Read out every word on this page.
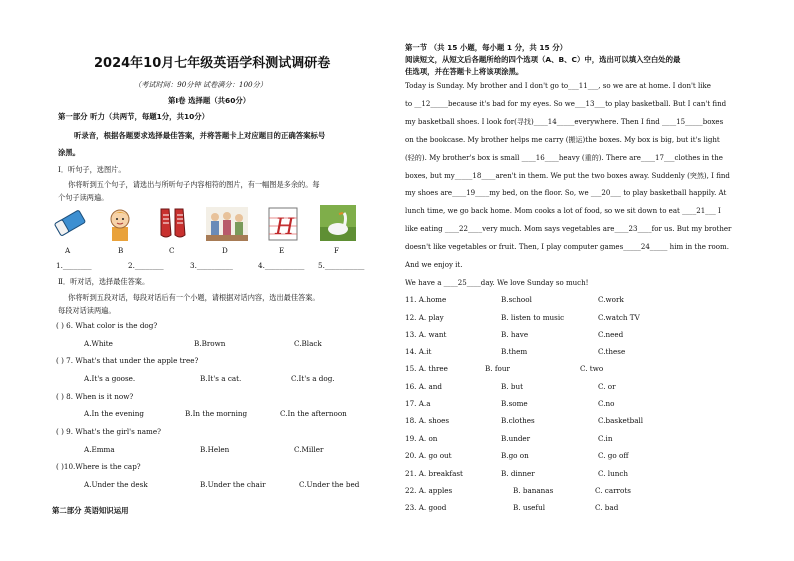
2024年10月七年级英语学科测试调研卷
（考试时间：90分钟 试卷满分：100分）
第Ⅰ卷 选择题（共60分）
第一部分 听力（共两节，每题1分，共10分）
听录音，根据各题要求选择最佳答案，并将答题卡上对应题目的正确答案标号
涂黑。
Ⅰ．听句子，选图片。
你将听到五个句子，请选出与所听句子内容相符的图片，有一幅图是多余的。每
个句子读两遍。
H
A	B	C	D	E	F
1.________	2.________	3.__________	4.___________ 5.___________
Ⅱ．听对话，选择最佳答案。
你将听到五段对话，每段对话后有一个小题，请根据对话内容，选出最佳答案。
每段对话读两遍。
( ) 6. What color is the dog?
A.White	B.Brown	C.Black
( ) 7. What's that under the apple tree?
A.It's a goose.	B.It's a cat.	C.It's a dog.
( ) 8. When is it now?
A.In the evening	B.In the morning	C.In the afternoon
( ) 9. What's the girl's name?
A.Emma	B.Helen	C.Miller
( )10.Where is the cap?
A.Under the desk	B.Under the chair	C.Under the bed
第二部分 英语知识运用
第一节 （共 15 小题，每小题 1 分，共 15 分）
阅读短文，从短文后各题所给的四个选项（A、B、C）中，选出可以填入空白处的最
佳选项，并在答题卡上将该项涂黑。
Today is Sunday. My brother and I don't go to___11___, so we are at home. I don't like
to __12_____because it's bad for my eyes. So we___13___to play basketball. But I can't find
my basketball shoes. I look for(寻找)____14_____everywhere. Then I find ____15_____boxes
on the bookcase. My brother helps me carry (搬运)the boxes. My box is big, but it's light
(轻的). My brother's box is small ____16____heavy (重的). There are____17___clothes in the
boxes, but my_____18____aren't in them. We put the two boxes away. Suddenly (突然), I find
my shoes are____19____my bed, on the floor. So, we ___20___ to play basketball happily. At
lunch time, we go back home. Mom cooks a lot of food, so we sit down to eat ____21___ I
like eating ____22____very much. Mom says vegetables are____23____for us. But my brother
doesn't like vegetables or fruit. Then, I play computer games_____24_____ him in the room.
And we enjoy it.
We have a ____25____day. We love Sunday so much!
11. A.home	B.school	C.work
12. A. play	B. listen to music	C.watch TV
13. A. want	B. have	C.need
14. A.it	B.them	C.these
15. A. three	B. four	C. two
16. A. and	B. but	C. or
17. A.a	B.some	C.no
18. A. shoes	B.clothes	C.basketball
19. A. on	B.under	C.in
20. A. go out	B.go on	C. go off
21. A. breakfast	B. dinner	C. lunch
22. A. apples	B. bananas	C. carrots
23. A. good	B. useful	C. bad
